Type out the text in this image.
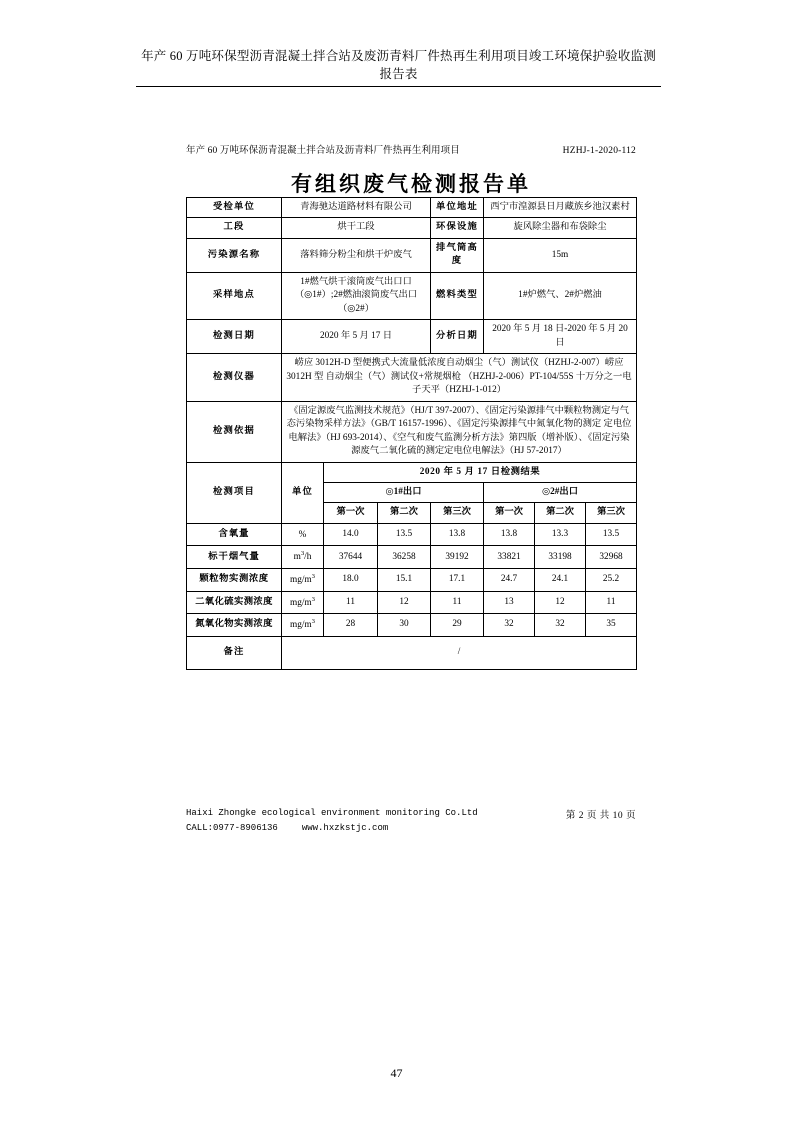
年产 60 万吨环保型沥青混凝土拌合站及废沥青料厂件热再生利用项目竣工环境保护验收监测报告表
年产 60 万吨环保沥青混凝土拌合站及沥青料厂件热再生利用项目	HZHJ-1-2020-112
有组织废气检测报告单
受检单位	青海驰达道路材料有限公司			单位地址	西宁市湟源县日月藏族乡池汉素村		
工段	烘干工段			环保设施	旋风除尘器和布袋除尘		
污染源名称	落料筛分粉尘和烘干炉废气			排气筒高度	15m		
采样地点	1#燃气烘干滚筒废气出口口（◎1#）;2#燃油滚筒废气出口（◎2#）			燃料类型	1#炉燃气、2#炉燃油		
检测日期	2020 年 5 月 17 日			分析日期	2020 年 5 月 18 日-2020 年 5 月 20 日		
检测仪器	崂应 3012H-D 型便携式大流量低浓度自动烟尘（气）测试仪（HZHJ-2-007）崂应 3012H 型 自动烟尘（气）测试仪+常规烟枪 （HZHJ-2-006）PT-104/55S 十万分之一电子天平（HZHJ-1-012）						
检测依据	《固定源废气监测技术规范》（HJ/T 397-2007）、《固定污染源排气中颗粒物测定与气态污染物采样方法》（GB/T 16157-1996）、《固定污染源排气中氮氧化物的测定 定电位电解法》（HJ 693-2014）、《空气和废气监测分析方法》第四版（增补版）、《固定污染源废气二氧化硫的测定定电位电解法》（HJ 57-2017）						
检测项目	单位	2020 年 5 月 17 日检测结果					
		◎1#出口			◎2#出口		
		第一次	第二次	第三次	第一次	第二次	第三次
含氧量	%	14.0	13.5	13.8	13.8	13.3	13.5
标干烟气量	$m^3/h$	37644	36258	39192	33821	33198	32968
颗粒物实测浓度	$mg/m^3$	18.0	15.1	17.1	24.7	24.1	25.2
二氧化硫实测浓度	$mg/m^3$	11	12	11	13	12	11
氮氧化物实测浓度	$mg/m^3$	28	30	29	32	32	35
备注	/						
Haixi Zhongke ecological environment monitoring Co.Ltd
CALL:0977-8906136	www.hxzkstjc.com
第 2 页 共 10 页
47
